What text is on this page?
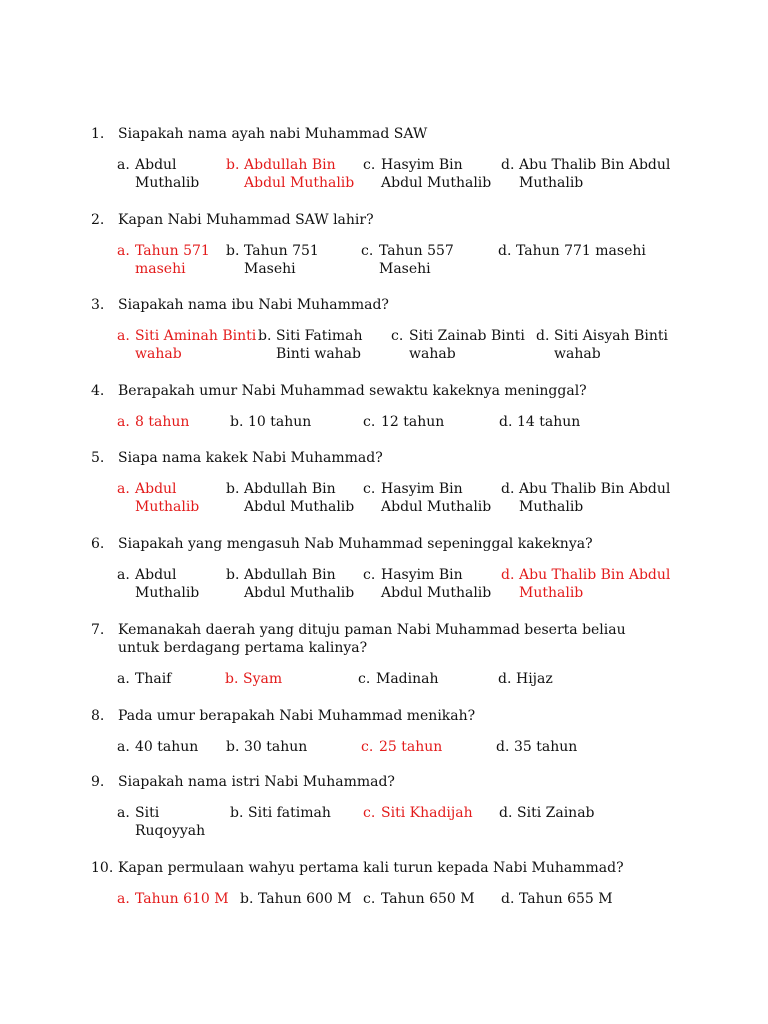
1. Siapakah nama ayah nabi Muhammad SAW
a. Abdul
Muthalib
b. Abdullah Bin
Abdul Muthalib
c. Hasyim Bin
Abdul Muthalib
d. Abu Thalib Bin Abdul
Muthalib
2. Kapan Nabi Muhammad SAW lahir?
a. Tahun 571
masehi
b. Tahun 751
Masehi
c. Tahun 557
Masehi
d. Tahun 771 masehi
3. Siapakah nama ibu Nabi Muhammad?
a. Siti Aminah Binti
wahab
b. Siti Fatimah
Binti wahab
c. Siti Zainab Binti
wahab
d. Siti Aisyah Binti
wahab
4. Berapakah umur Nabi Muhammad sewaktu kakeknya meninggal?
a. 8 tahun	b. 10 tahun	c. 12 tahun	d. 14 tahun
5. Siapa nama kakek Nabi Muhammad?
a. Abdul
Muthalib
b. Abdullah Bin
Abdul Muthalib
c. Hasyim Bin
Abdul Muthalib
d. Abu Thalib Bin Abdul
Muthalib
6. Siapakah yang mengasuh Nab Muhammad sepeninggal kakeknya?
a. Abdul
Muthalib
b. Abdullah Bin
Abdul Muthalib
c. Hasyim Bin
Abdul Muthalib
d. Abu Thalib Bin Abdul
Muthalib
7. Kemanakah daerah yang dituju paman Nabi Muhammad beserta beliau untuk berdagang pertama kalinya?
a. Thaif	b. Syam	c. Madinah	d. Hijaz
8. Pada umur berapakah Nabi Muhammad menikah?
a. 40 tahun b. 30 tahun	c. 25 tahun	d. 35 tahun
9. Siapakah nama istri Nabi Muhammad?
a. Siti
Ruqoyyah
b. Siti fatimah c. Siti Khadijah d. Siti Zainab
10. Kapan permulaan wahyu pertama kali turun kepada Nabi Muhammad?
a. Tahun 610 M b. Tahun 600 M c. Tahun 650 M d. Tahun 655 M
